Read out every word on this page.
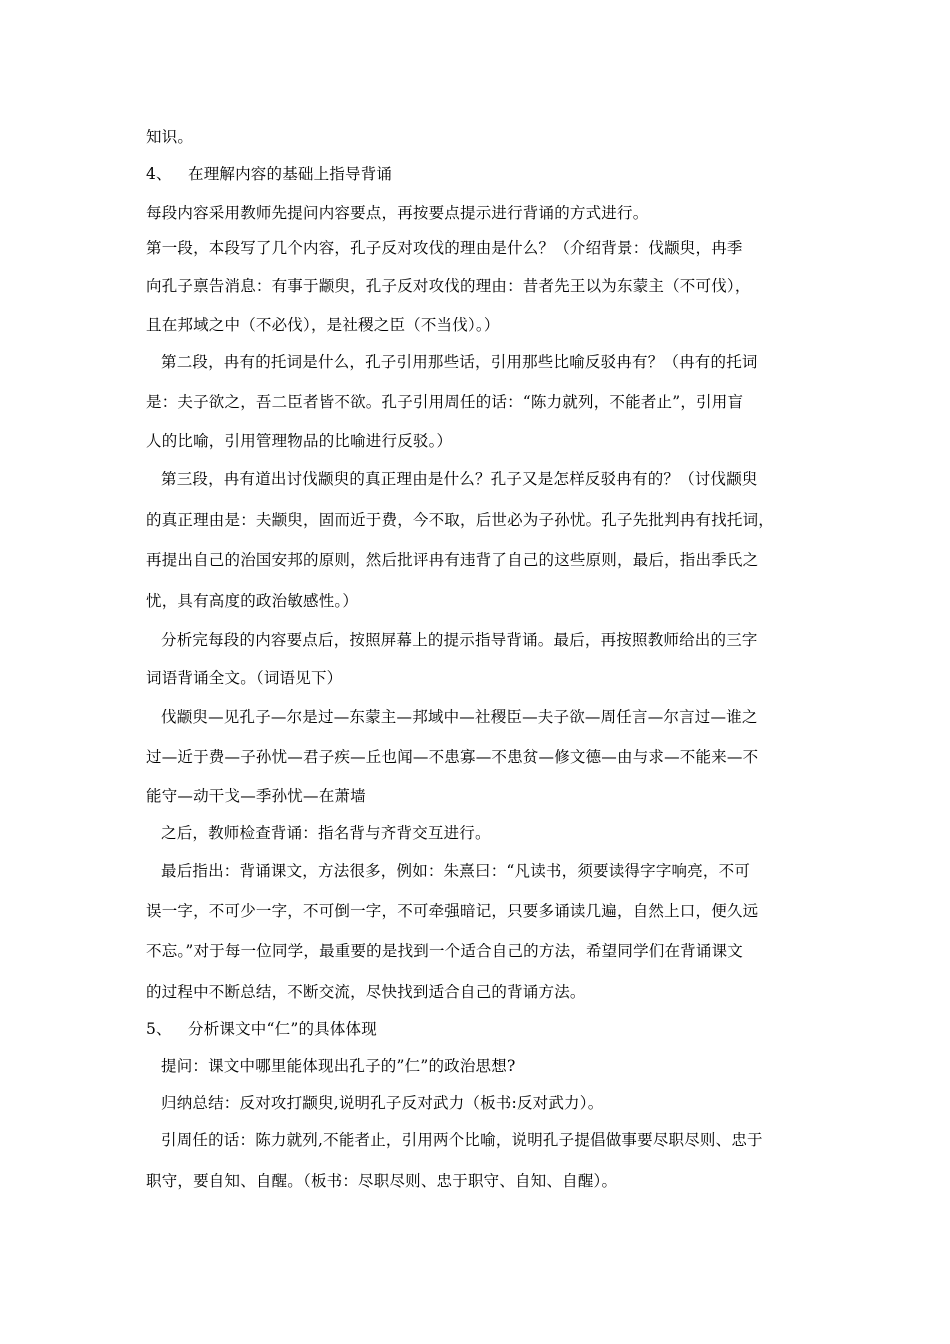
知识。
4、 在理解内容的基础上指导背诵
每段内容采用教师先提问内容要点，再按要点提示进行背诵的方式进行。
第一段，本段写了几个内容，孔子反对攻伐的理由是什么？（介绍背景：伐颛臾，冉季
向孔子禀告消息：有事于颛臾，孔子反对攻伐的理由：昔者先王以为东蒙主（不可伐），
且在邦域之中（不必伐），是社稷之臣（不当伐）。）
第二段，冉有的托词是什么，孔子引用那些话，引用那些比喻反驳冉有？（冉有的托词
是：夫子欲之，吾二臣者皆不欲。孔子引用周任的话：“陈力就列，不能者止”，引用盲
人的比喻，引用管理物品的比喻进行反驳。）
第三段，冉有道出讨伐颛臾的真正理由是什么？孔子又是怎样反驳冉有的？（讨伐颛臾
的真正理由是：夫颛臾，固而近于费，今不取，后世必为子孙忧。孔子先批判冉有找托词，
再提出自己的治国安邦的原则，然后批评冉有违背了自己的这些原则，最后，指出季氏之
忧，具有高度的政治敏感性。）
分析完每段的内容要点后，按照屏幕上的提示指导背诵。最后，再按照教师给出的三字
词语背诵全文。（词语见下）
伐颛臾—见孔子—尔是过—东蒙主—邦域中—社稷臣—夫子欲—周任言—尔言过—谁之
过—近于费—子孙忧—君子疾—丘也闻—不患寡—不患贫—修文德—由与求—不能来—不
能守—动干戈—季孙忧—在萧墙
之后，教师检查背诵：指名背与齐背交互进行。
最后指出：背诵课文，方法很多，例如：朱熹曰：“凡读书，须要读得字字响亮，不可
误一字，不可少一字，不可倒一字，不可牵强暗记，只要多诵读几遍，自然上口，便久远
不忘。”对于每一位同学，最重要的是找到一个适合自己的方法，希望同学们在背诵课文
的过程中不断总结，不断交流，尽快找到适合自己的背诵方法。
5、 分析课文中“仁”的具体体现
提问：课文中哪里能体现出孔子的”仁”的政治思想?
归纳总结：反对攻打颛臾,说明孔子反对武力（板书:反对武力）。
引周任的话：陈力就列,不能者止，引用两个比喻，说明孔子提倡做事要尽职尽则、忠于
职守，要自知、自醒。（板书：尽职尽则、忠于职守、自知、自醒）。
